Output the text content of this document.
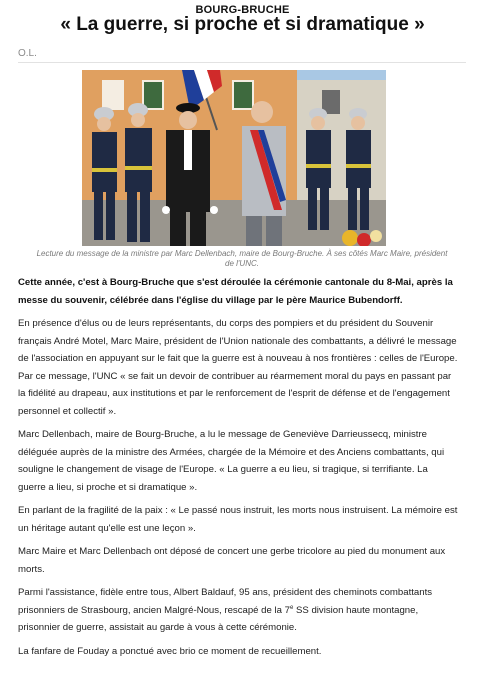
BOURG-BRUCHE
« La guerre, si proche et si dramatique »
O.L.
Lecture du message de la ministre par Marc Dellenbach, maire de Bourg-Bruche. À ses côtés Marc Maire, président de l'UNC.

Cette année, c'est à Bourg-Bruche que s'est déroulée la cérémonie cantonale du 8-Mai, après la messe du souvenir, célébrée dans l'église du village par le père Maurice Bubendorff.

En présence d'élus ou de leurs représentants, du corps des pompiers et du président du Souvenir français André Motel, Marc Maire, président de l'Union nationale des combattants, a délivré le message de l'association en appuyant sur le fait que la guerre est à nouveau à nos frontières : celles de l'Europe. Par ce message, l'UNC « se fait un devoir de contribuer au réarmement moral du pays en passant par la fidélité au drapeau, aux institutions et par le renforcement de l'esprit de défense et de l'engagement personnel et collectif ».

Marc Dellenbach, maire de Bourg-Bruche, a lu le message de Geneviève Darrieussecq, ministre déléguée auprès de la ministre des Armées, chargée de la Mémoire et des Anciens combattants, qui souligne le changement de visage de l'Europe. « La guerre a eu lieu, si tragique, si terrifiante. La guerre a lieu, si proche et si dramatique ».

En parlant de la fragilité de la paix : « Le passé nous instruit, les morts nous instruisent. La mémoire est un héritage autant qu'elle est une leçon ».

Marc Maire et Marc Dellenbach ont déposé de concert une gerbe tricolore au pied du monument aux morts.

Parmi l'assistance, fidèle entre tous, Albert Baldauf, 95 ans, président des cheminots combattants prisonniers de Strasbourg, ancien Malgré-Nous, rescapé de la 7e SS division haute montagne, prisonnier de guerre, assistait au garde à vous à cette cérémonie.

La fanfare de Fouday a ponctué avec brio ce moment de recueillement.
